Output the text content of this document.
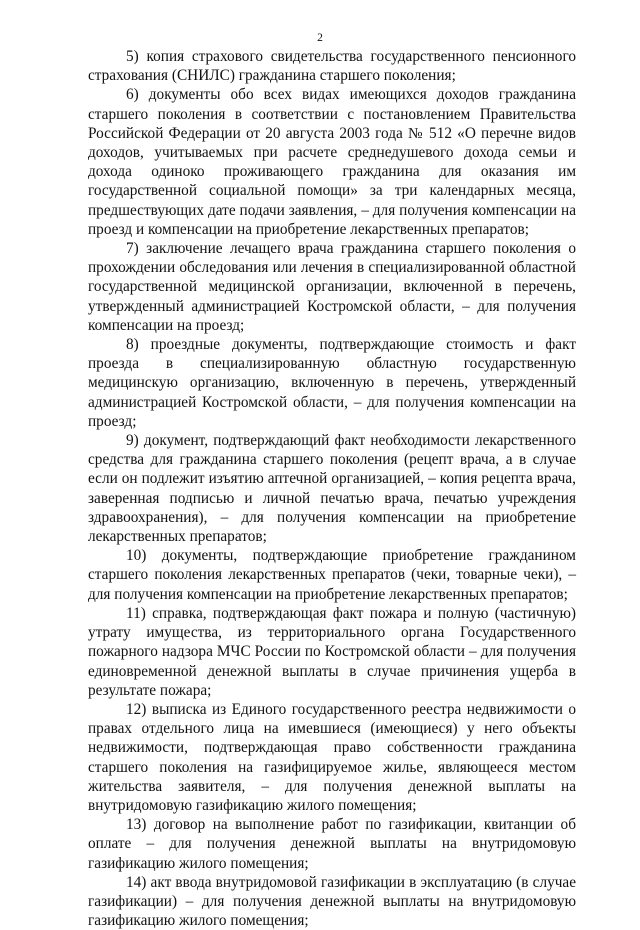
2

5) копия страхового свидетельства государственного пенсионного страхования (СНИЛС) гражданина старшего поколения;

6) документы обо всех видах имеющихся доходов гражданина старшего поколения в соответствии с постановлением Правительства Российской Федерации от 20 августа 2003 года № 512 «О перечне видов доходов, учитываемых при расчете среднедушевого дохода семьи и дохода одиноко проживающего гражданина для оказания им государственной социальной помощи» за три календарных месяца, предшествующих дате подачи заявления, – для получения компенсации на проезд и компенсации на приобретение лекарственных препаратов;

7) заключение лечащего врача гражданина старшего поколения о прохождении обследования или лечения в специализированной областной государственной медицинской организации, включенной в перечень, утвержденный администрацией Костромской области, – для получения компенсации на проезд;

8) проездные документы, подтверждающие стоимость и факт проезда в специализированную областную государственную медицинскую организацию, включенную в перечень, утвержденный администрацией Костромской области, – для получения компенсации на проезд;

9) документ, подтверждающий факт необходимости лекарственного средства для гражданина старшего поколения (рецепт врача, а в случае если он подлежит изъятию аптечной организацией, – копия рецепта врача, заверенная подписью и личной печатью врача, печатью учреждения здравоохранения), – для получения компенсации на приобретение лекарственных препаратов;

10) документы, подтверждающие приобретение гражданином старшего поколения лекарственных препаратов (чеки, товарные чеки), – для получения компенсации на приобретение лекарственных препаратов;

11) справка, подтверждающая факт пожара и полную (частичную) утрату имущества, из территориального органа Государственного пожарного надзора МЧС России по Костромской области – для получения единовременной денежной выплаты в случае причинения ущерба в результате пожара;

12) выписка из Единого государственного реестра недвижимости о правах отдельного лица на имевшиеся (имеющиеся) у него объекты недвижимости, подтверждающая право собственности гражданина старшего поколения на газифицируемое жилье, являющееся местом жительства заявителя, – для получения денежной выплаты на внутридомовую газификацию жилого помещения;

13) договор на выполнение работ по газификации, квитанции об оплате – для получения денежной выплаты на внутридомовую газификацию жилого помещения;

14) акт ввода внутридомовой газификации в эксплуатацию (в случае газификации) – для получения денежной выплаты на внутридомовую газификацию жилого помещения;
